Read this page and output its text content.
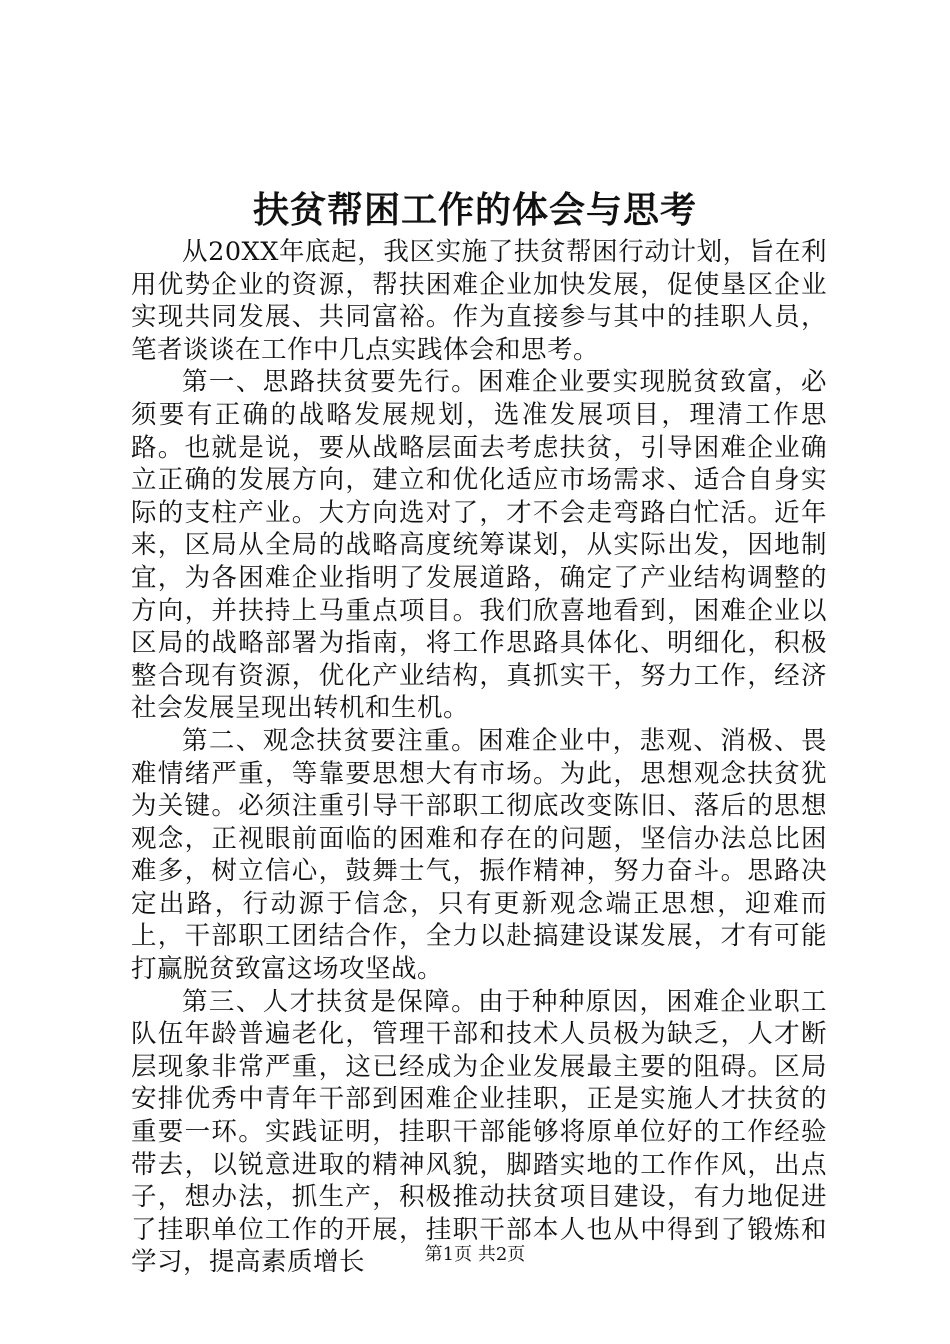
扶贫帮困工作的体会与思考

从20XX年底起，我区实施了扶贫帮困行动计划，旨在利用优势企业的资源，帮扶困难企业加快发展，促使垦区企业实现共同发展、共同富裕。作为直接参与其中的挂职人员，笔者谈谈在工作中几点实践体会和思考。

第一、思路扶贫要先行。困难企业要实现脱贫致富，必须要有正确的战略发展规划，选准发展项目，理清工作思路。也就是说，要从战略层面去考虑扶贫，引导困难企业确立正确的发展方向，建立和优化适应市场需求、适合自身实际的支柱产业。大方向选对了，才不会走弯路白忙活。近年来，区局从全局的战略高度统筹谋划，从实际出发，因地制宜，为各困难企业指明了发展道路，确定了产业结构调整的方向，并扶持上马重点项目。我们欣喜地看到，困难企业以区局的战略部署为指南，将工作思路具体化、明细化，积极整合现有资源，优化产业结构，真抓实干，努力工作，经济社会发展呈现出转机和生机。

第二、观念扶贫要注重。困难企业中，悲观、消极、畏难情绪严重，等靠要思想大有市场。为此，思想观念扶贫犹为关键。必须注重引导干部职工彻底改变陈旧、落后的思想观念，正视眼前面临的困难和存在的问题，坚信办法总比困难多，树立信心，鼓舞士气，振作精神，努力奋斗。思路决定出路，行动源于信念，只有更新观念端正思想，迎难而上，干部职工团结合作，全力以赴搞建设谋发展，才有可能打赢脱贫致富这场攻坚战。

第三、人才扶贫是保障。由于种种原因，困难企业职工队伍年龄普遍老化，管理干部和技术人员极为缺乏，人才断层现象非常严重，这已经成为企业发展最主要的阻碍。区局安排优秀中青年干部到困难企业挂职，正是实施人才扶贫的重要一环。实践证明，挂职干部能够将原单位好的工作经验带去，以锐意进取的精神风貌，脚踏实地的工作作风，出点子，想办法，抓生产，积极推动扶贫项目建设，有力地促进了挂职单位工作的开展，挂职干部本人也从中得到了锻炼和学习，提高素质增长	第1页 共2页
